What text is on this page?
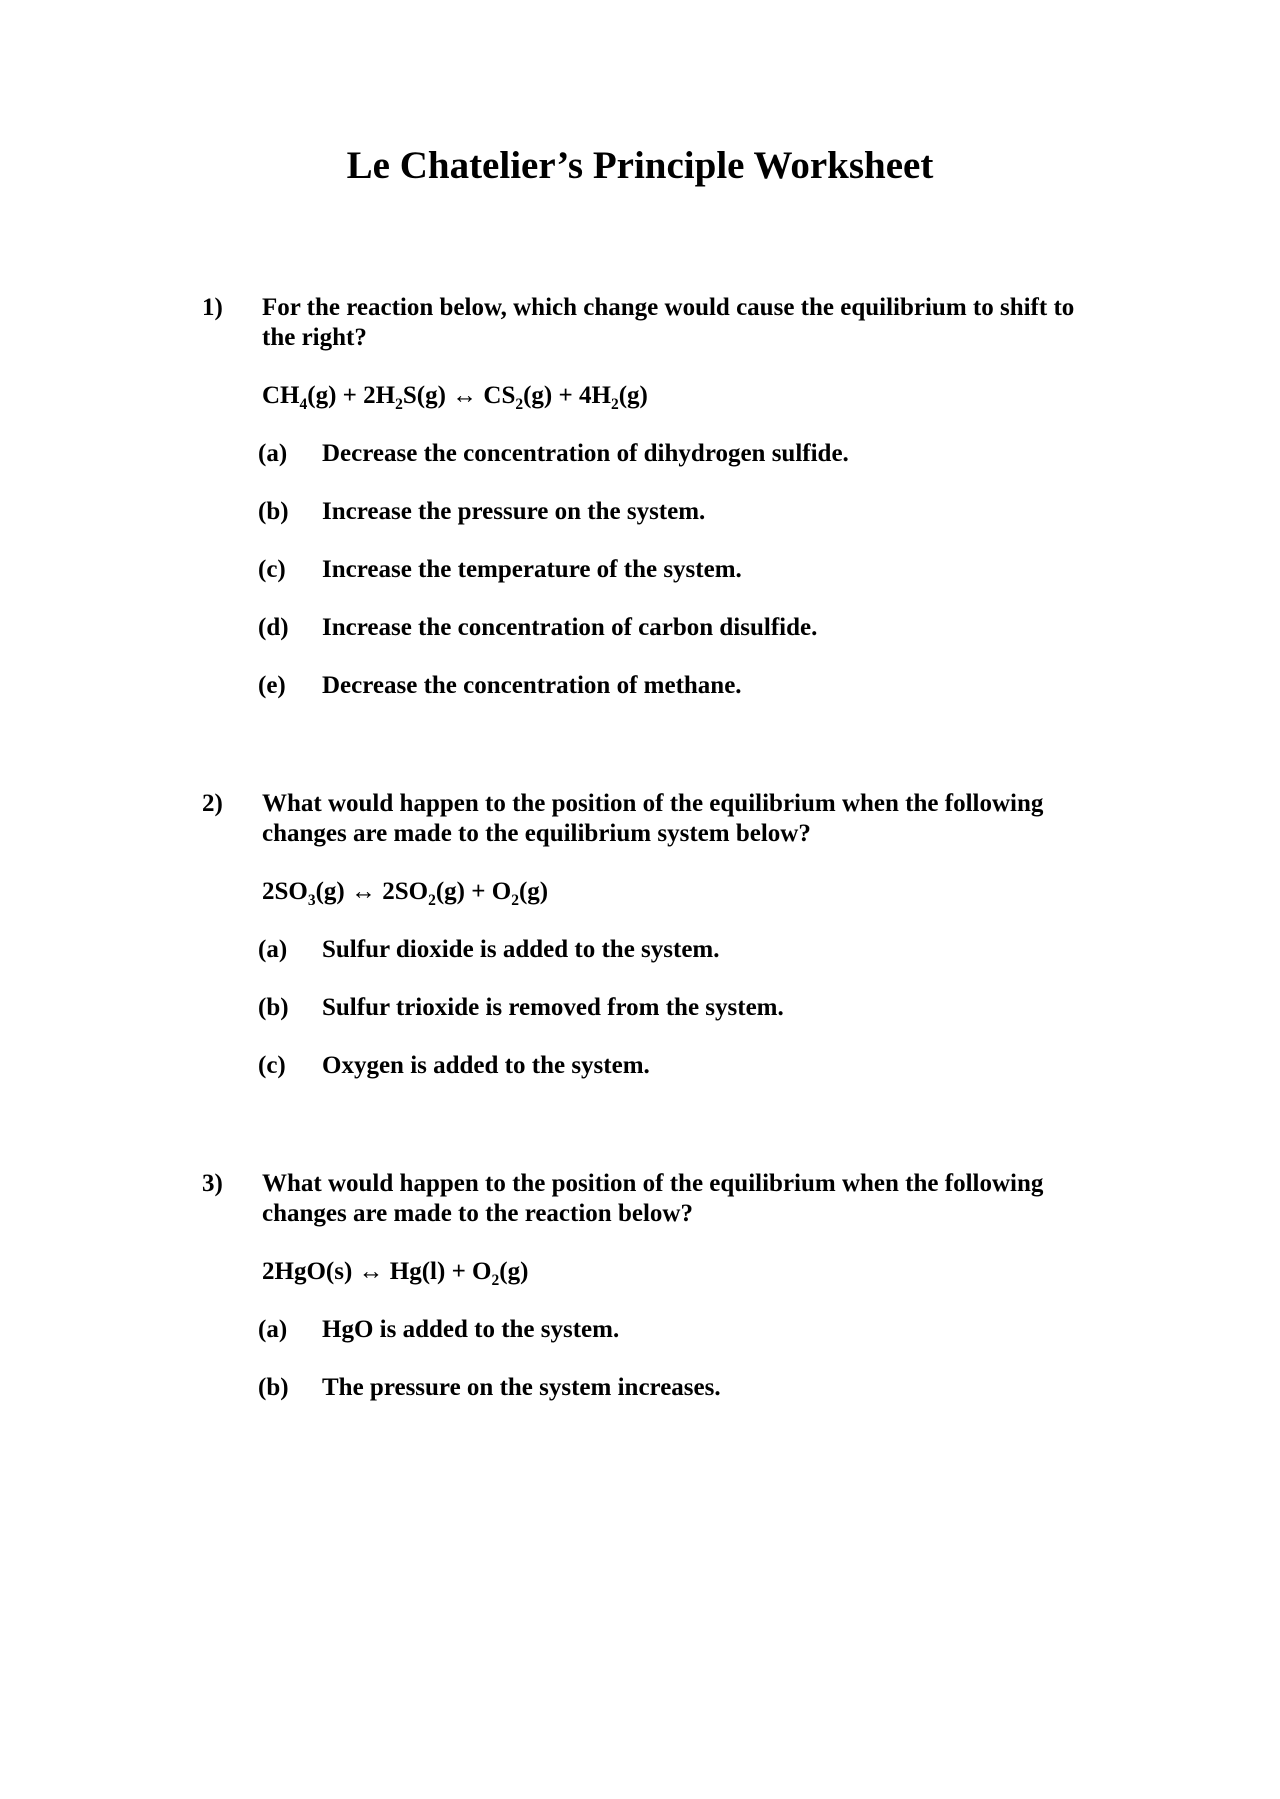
Le Chatelier’s Principle Worksheet
1)	For the reaction below, which change would cause the equilibrium to shift to
the right?
$CH_4(g) + 2H_2S(g)$ ↔ $CS_2(g) + 4H_2(g)$
(a)	Decrease the concentration of dihydrogen sulfide.
(b)	Increase the pressure on the system.
(c)	Increase the temperature of the system.
(d)	Increase the concentration of carbon disulfide.
(e)	Decrease the concentration of methane.
2)	What would happen to the position of the equilibrium when the following
changes are made to the equilibrium system below?
$2SO_3(g)$ ↔ $2SO_2(g) + O_2(g)$
(a)	Sulfur dioxide is added to the system.
(b)	Sulfur trioxide is removed from the system.
(c)	Oxygen is added to the system.
3)	What would happen to the position of the equilibrium when the following
changes are made to the reaction below?
2HgO(s) ↔ $Hg(l) + O_2(g)$
(a)	HgO is added to the system.
(b)	The pressure on the system increases.
